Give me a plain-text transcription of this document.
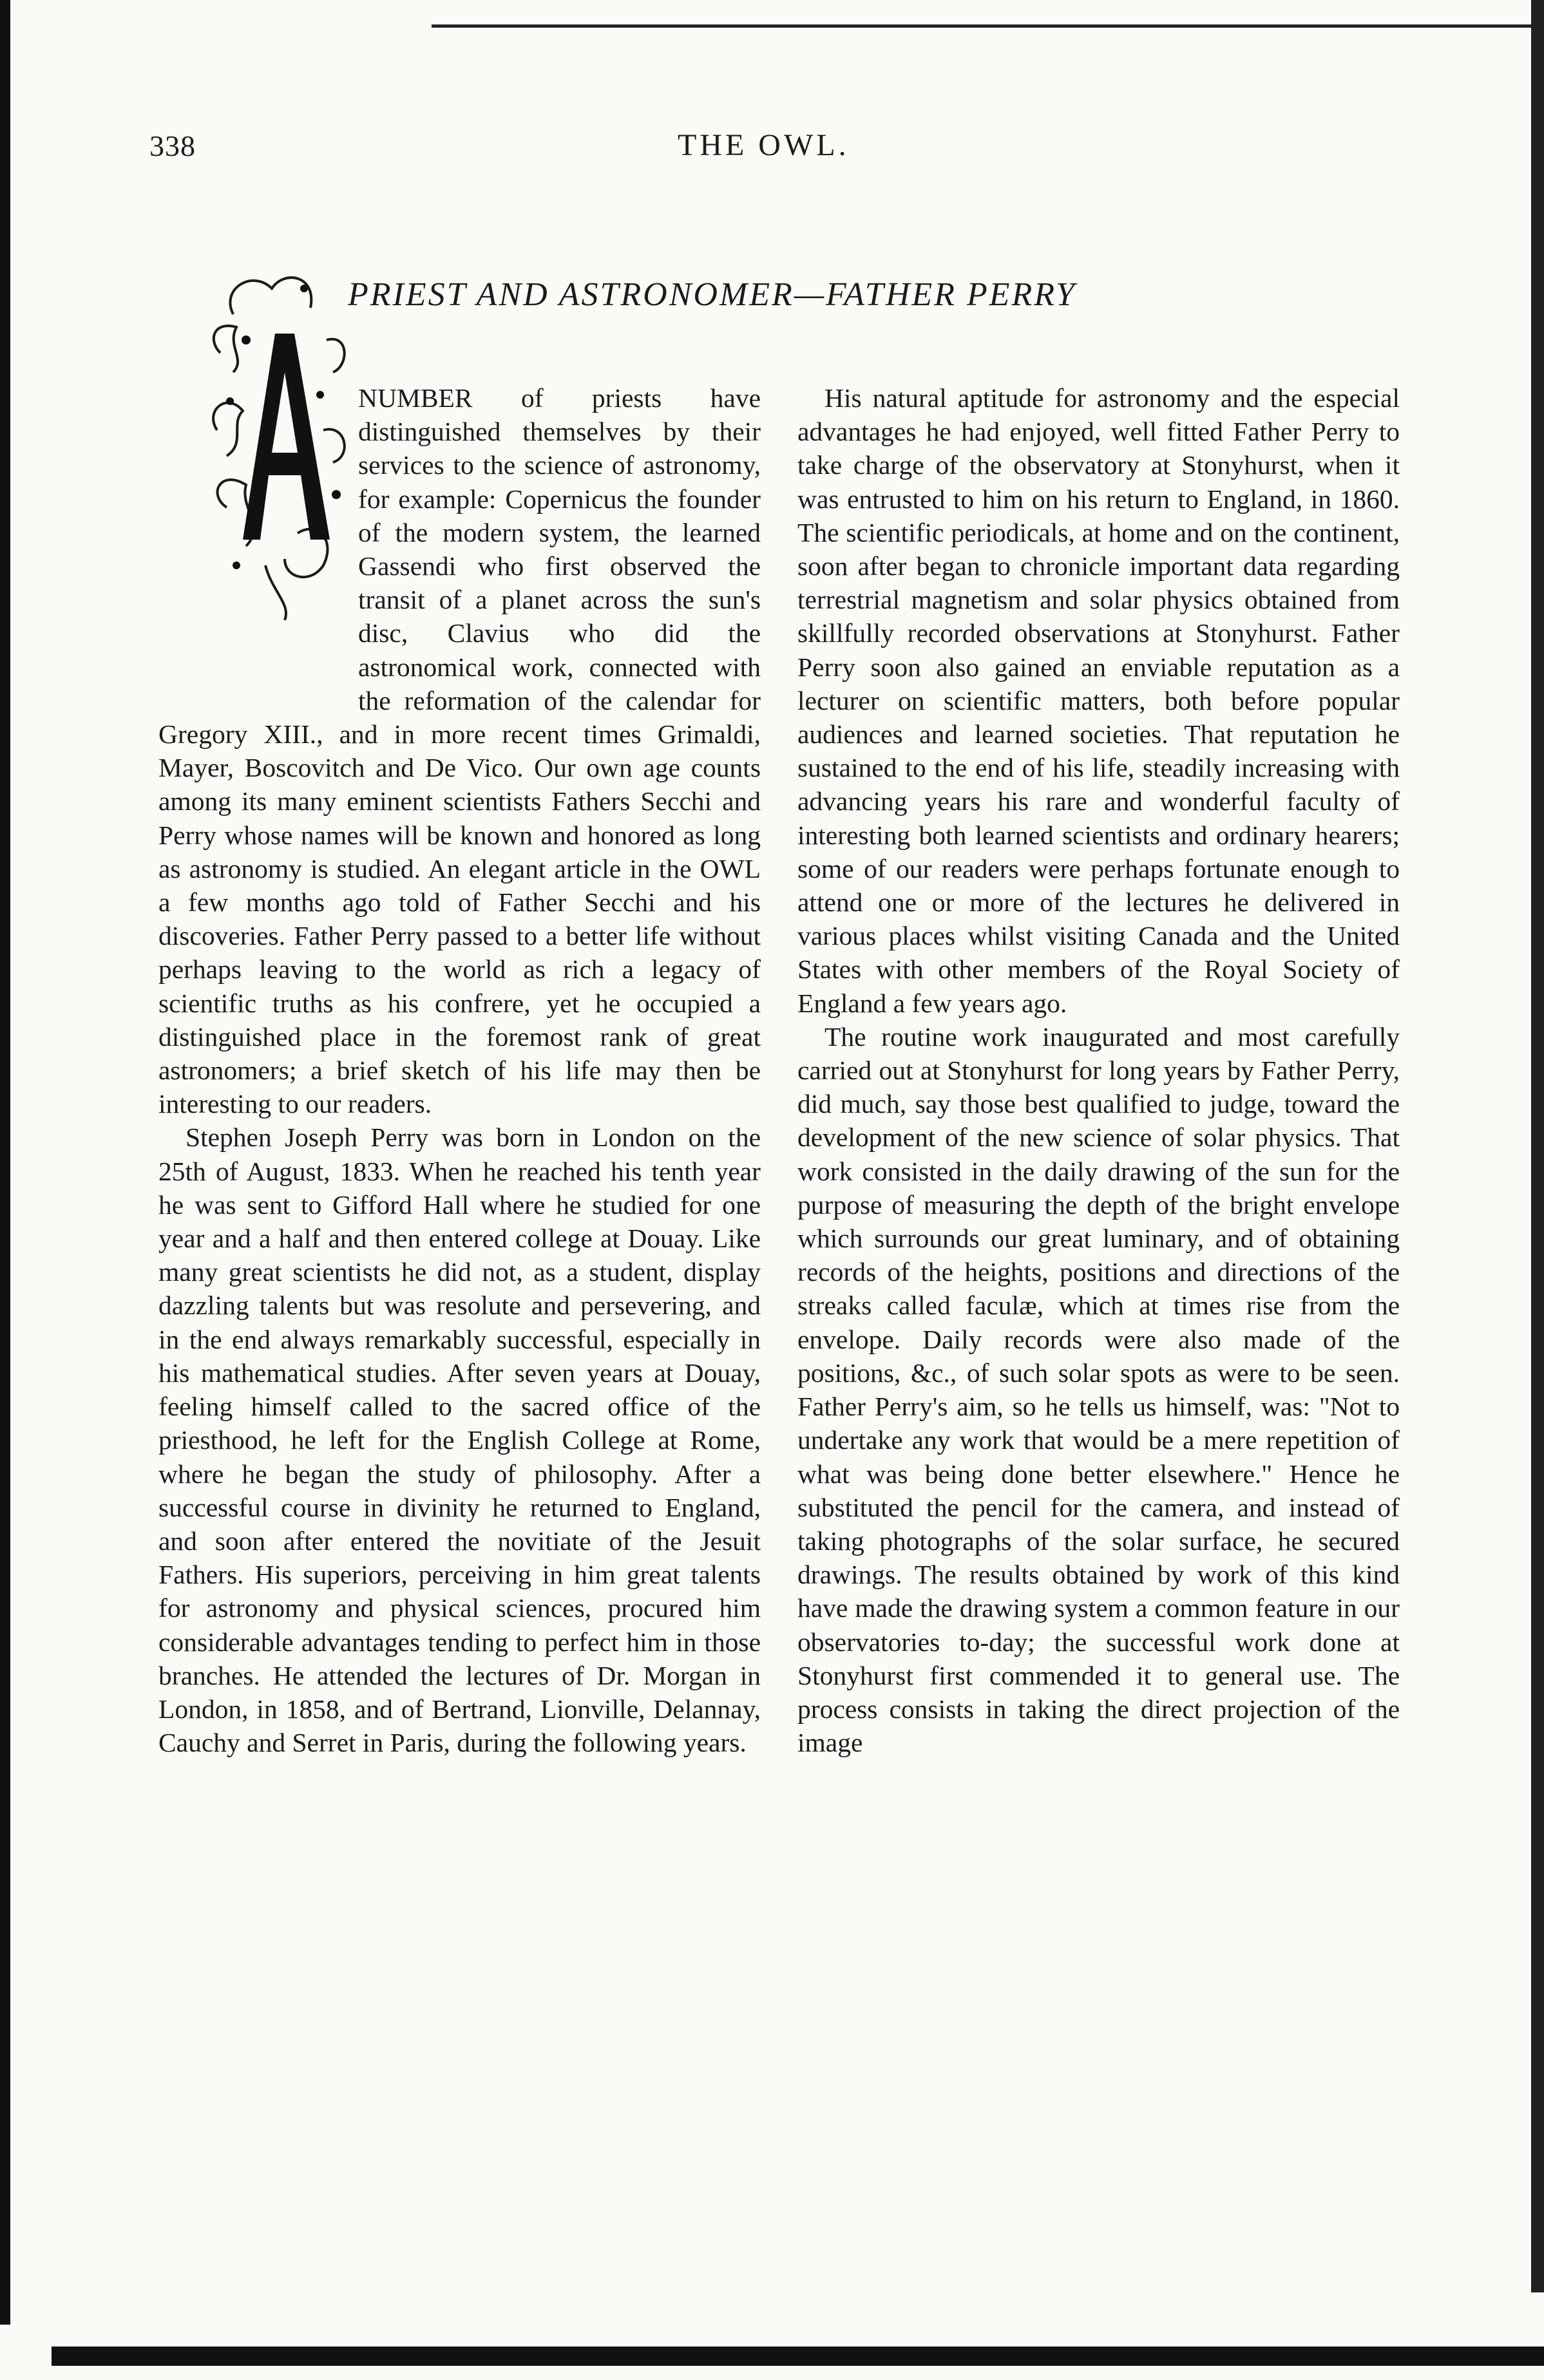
338	THE OWL.
PRIEST AND ASTRONOMER—FATHER PERRY

NUMBER of priests have distinguished themselves by their services to the science of astronomy, for example: Copernicus the founder of the modern system, the learned Gassendi who first observed the transit of a planet across the sun's disc, Clavius who did the astronomical work, connected with the reformation of the calendar for Gregory XIII., and in more recent times Grimaldi, Mayer, Boscovitch and De Vico. Our own age counts among its many eminent scientists Fathers Secchi and Perry whose names will be known and honored as long as astronomy is studied. An elegant article in the OWL a few months ago told of Father Secchi and his discoveries. Father Perry passed to a better life without perhaps leaving to the world as rich a legacy of scientific truths as his confrere, yet he occupied a distinguished place in the foremost rank of great astronomers; a brief sketch of his life may then be interesting to our readers.

Stephen Joseph Perry was born in London on the 25th of August, 1833. When he reached his tenth year he was sent to Gifford Hall where he studied for one year and a half and then entered college at Douay. Like many great scientists he did not, as a student, display dazzling talents but was resolute and persevering, and in the end always remarkably successful, especially in his mathematical studies. After seven years at Douay, feeling himself called to the sacred office of the priesthood, he left for the English College at Rome, where he began the study of philosophy. After a successful course in divinity he returned to England, and soon after entered the novitiate of the Jesuit Fathers. His superiors, perceiving in him great talents for astronomy and physical sciences, procured him considerable advantages tending to perfect him in those branches. He attended the lectures of Dr. Morgan in London, in 1858, and of Bertrand, Lionville, Delannay, Cauchy and Serret in Paris, during the following years.

His natural aptitude for astronomy and the especial advantages he had enjoyed, well fitted Father Perry to take charge of the observatory at Stonyhurst, when it was entrusted to him on his return to England, in 1860. The scientific periodicals, at home and on the continent, soon after began to chronicle important data regarding terrestrial magnetism and solar physics obtained from skillfully recorded observations at Stonyhurst. Father Perry soon also gained an enviable reputation as a lecturer on scientific matters, both before popular audiences and learned societies. That reputation he sustained to the end of his life, steadily increasing with advancing years his rare and wonderful faculty of interesting both learned scientists and ordinary hearers; some of our readers were perhaps fortunate enough to attend one or more of the lectures he delivered in various places whilst visiting Canada and the United States with other members of the Royal Society of England a few years ago.

The routine work inaugurated and most carefully carried out at Stonyhurst for long years by Father Perry, did much, say those best qualified to judge, toward the development of the new science of solar physics. That work consisted in the daily drawing of the sun for the purpose of measuring the depth of the bright envelope which surrounds our great luminary, and of obtaining records of the heights, positions and directions of the streaks called faculæ, which at times rise from the envelope. Daily records were also made of the positions, &c., of such solar spots as were to be seen. Father Perry's aim, so he tells us himself, was: "Not to undertake any work that would be a mere repetition of what was being done better elsewhere." Hence he substituted the pencil for the camera, and instead of taking photographs of the solar surface, he secured drawings. The results obtained by work of this kind have made the drawing system a common feature in our observatories to-day; the successful work done at Stonyhurst first commended it to general use. The process consists in taking the direct projection of the image
